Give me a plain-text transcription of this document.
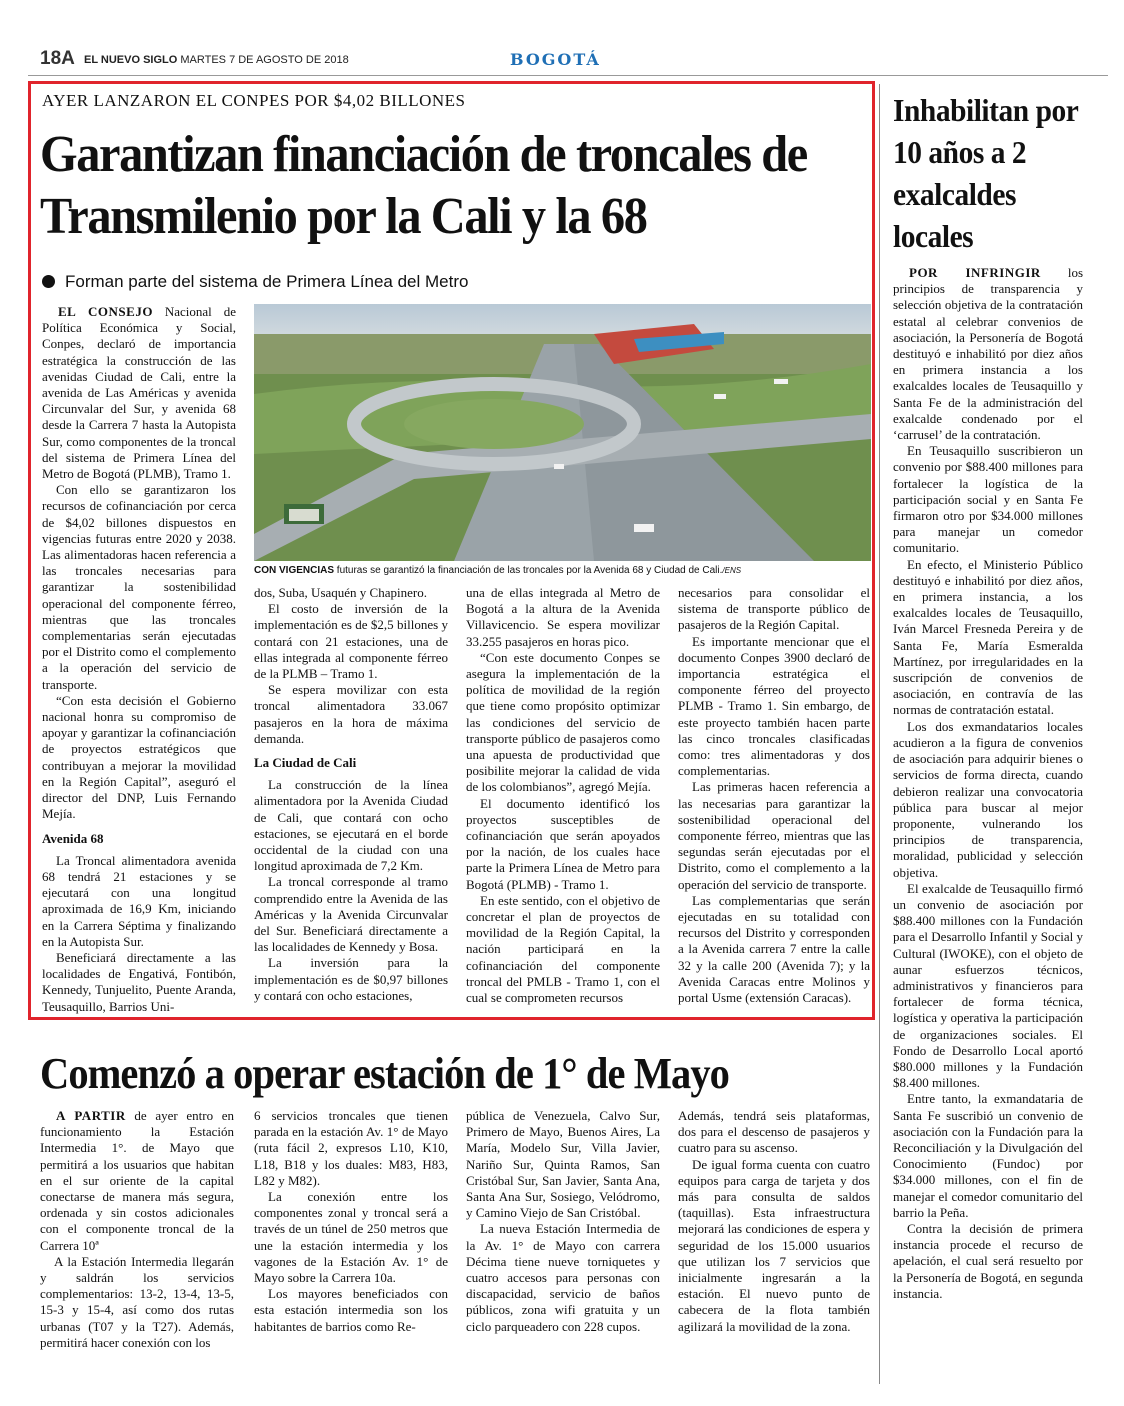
18A EL NUEVO SIGLO MARTES 7 DE AGOSTO DE 2018	BOGOTÁ
AYER LANZARON EL CONPES POR $4,02 BILLONES
Garantizan financiación de troncales de Transmilenio por la Cali y la 68
Forman parte del sistema de Primera Línea del Metro

EL CONSEJO Nacional de Política Económica y Social, Conpes, declaró de importancia estratégica la construcción de las avenidas Ciudad de Cali, entre la avenida de Las Américas y avenida Circunvalar del Sur, y avenida 68 desde la Carrera 7 hasta la Autopista Sur, como componentes de la troncal del sistema de Primera Línea del Metro de Bogotá (PLMB), Tramo 1.

Con ello se garantizaron los recursos de cofinanciación por cerca de $4,02 billones dispuestos en vigencias futuras entre 2020 y 2038. Las alimentadoras hacen referencia a las troncales necesarias para garantizar la sostenibilidad operacional del componente férreo, mientras que las troncales complementarias serán ejecutadas por el Distrito como el complemento a la operación del servicio de transporte.

“Con esta decisión el Gobierno nacional honra su compromiso de apoyar y garantizar la cofinanciación de proyectos estratégicos que contribuyan a mejorar la movilidad en la Región Capital”, aseguró el director del DNP, Luis Fernando Mejía.

Avenida 68

La Troncal alimentadora avenida 68 tendrá 21 estaciones y se ejecutará con una longitud aproximada de 16,9 Km, iniciando en la Carrera Séptima y finalizando en la Autopista Sur.

Beneficiará directamente a las localidades de Engativá, Fontibón, Kennedy, Tunjuelito, Puente Aranda, Teusaquillo, Barrios Uni-

CON VIGENCIAS futuras se garantizó la financiación de las troncales por la Avenida 68 y Ciudad de Cali./ENS

dos, Suba, Usaquén y Chapinero.

El costo de inversión de la implementación es de $2,5 billones y contará con 21 estaciones, una de ellas integrada al componente férreo de la PLMB – Tramo 1.

Se espera movilizar con esta troncal alimentadora 33.067 pasajeros en la hora de máxima demanda.

La Ciudad de Cali

La construcción de la línea alimentadora por la Avenida Ciudad de Cali, que contará con ocho estaciones, se ejecutará en el borde occidental de la ciudad con una longitud aproximada de 7,2 Km.

La troncal corresponde al tramo comprendido entre la Avenida de las Américas y la Avenida Circunvalar del Sur. Beneficiará directamente a las localidades de Kennedy y Bosa.

La inversión para la implementación es de $0,97 billones y contará con ocho estaciones,

una de ellas integrada al Metro de Bogotá a la altura de la Avenida Villavicencio. Se espera movilizar 33.255 pasajeros en horas pico.

“Con este documento Conpes se asegura la implementación de la política de movilidad de la región que tiene como propósito optimizar las condiciones del servicio de transporte público de pasajeros como una apuesta de productividad que posibilite mejorar la calidad de vida de los colombianos”, agregó Mejía.

El documento identificó los proyectos susceptibles de cofinanciación que serán apoyados por la nación, de los cuales hace parte la Primera Línea de Metro para Bogotá (PLMB) - Tramo 1.

En este sentido, con el objetivo de concretar el plan de proyectos de movilidad de la Región Capital, la nación participará en la cofinanciación del componente troncal del PMLB - Tramo 1, con el cual se comprometen recursos

necesarios para consolidar el sistema de transporte público de pasajeros de la Región Capital.

Es importante mencionar que el documento Conpes 3900 declaró de importancia estratégica el componente férreo del proyecto PLMB - Tramo 1. Sin embargo, de este proyecto también hacen parte las cinco troncales clasificadas como: tres alimentadoras y dos complementarias.

Las primeras hacen referencia a las necesarias para garantizar la sostenibilidad operacional del componente férreo, mientras que las segundas serán ejecutadas por el Distrito, como el complemento a la operación del servicio de transporte.

Las complementarias que serán ejecutadas en su totalidad con recursos del Distrito y corresponden a la Avenida carrera 7 entre la calle 32 y la calle 200 (Avenida 7); y la Avenida Caracas entre Molinos y portal Usme (extensión Caracas).

Inhabilitan por 10 años a 2 exalcaldes locales

POR INFRINGIR los principios de transparencia y selección objetiva de la contratación estatal al celebrar convenios de asociación, la Personería de Bogotá destituyó e inhabilitó por diez años en primera instancia a los exalcaldes locales de Teusaquillo y Santa Fe de la administración del exalcalde condenado por el ‘carrusel’ de la contratación.

En Teusaquillo suscribieron un convenio por $88.400 millones para fortalecer la logística de la participación social y en Santa Fe firmaron otro por $34.000 millones para manejar un comedor comunitario.

En efecto, el Ministerio Público destituyó e inhabilitó por diez años, en primera instancia, a los exalcaldes locales de Teusaquillo, Iván Marcel Fresneda Pereira y de Santa Fe, María Esmeralda Martínez, por irregularidades en la suscripción de convenios de asociación, en contravía de las normas de contratación estatal.

Los dos exmandatarios locales acudieron a la figura de convenios de asociación para adquirir bienes o servicios de forma directa, cuando debieron realizar una convocatoria pública para buscar al mejor proponente, vulnerando los principios de transparencia, moralidad, publicidad y selección objetiva.

El exalcalde de Teusaquillo firmó un convenio de asociación por $88.400 millones con la Fundación para el Desarrollo Infantil y Social y Cultural (IWOKE), con el objeto de aunar esfuerzos técnicos, administrativos y financieros para fortalecer de forma técnica, logística y operativa la participación de organizaciones sociales. El Fondo de Desarrollo Local aportó $80.000 millones y la Fundación $8.400 millones.

Entre tanto, la exmandataria de Santa Fe suscribió un convenio de asociación con la Fundación para la Reconciliación y la Divulgación del Conocimiento (Fundoc) por $34.000 millones, con el fin de manejar el comedor comunitario del barrio la Peña.

Contra la decisión de primera instancia procede el recurso de apelación, el cual será resuelto por la Personería de Bogotá, en segunda instancia.

Comenzó a operar estación de 1° de Mayo

A PARTIR de ayer entro en funcionamiento la Estación Intermedia 1°. de Mayo que permitirá a los usuarios que habitan en el sur oriente de la capital conectarse de manera más segura, ordenada y sin costos adicionales con el componente troncal de la Carrera 10ª

A la Estación Intermedia llegarán y saldrán los servicios complementarios: 13-2, 13-4, 13-5, 15-3 y 15-4, así como dos rutas urbanas (T07 y la T27). Además, permitirá hacer conexión con los

6 servicios troncales que tienen parada en la estación Av. 1° de Mayo (ruta fácil 2, expresos L10, K10, L18, B18 y los duales: M83, H83, L82 y M82).

La conexión entre los componentes zonal y troncal será a través de un túnel de 250 metros que une la estación intermedia y los vagones de la Estación Av. 1° de Mayo sobre la Carrera 10a.

Los mayores beneficiados con esta estación intermedia son los habitantes de barrios como Re-

pública de Venezuela, Calvo Sur, Primero de Mayo, Buenos Aires, La María, Modelo Sur, Villa Javier, Nariño Sur, Quinta Ramos, San Cristóbal Sur, San Javier, Santa Ana, Santa Ana Sur, Sosiego, Velódromo, y Camino Viejo de San Cristóbal.

La nueva Estación Intermedia de la Av. 1° de Mayo con carrera Décima tiene nueve torniquetes y cuatro accesos para personas con discapacidad, servicio de baños públicos, zona wifi gratuita y un ciclo parqueadero con 228 cupos.

Además, tendrá seis plataformas, dos para el descenso de pasajeros y cuatro para su ascenso.

De igual forma cuenta con cuatro equipos para carga de tarjeta y dos más para consulta de saldos (taquillas). Esta infraestructura mejorará las condiciones de espera y seguridad de los 15.000 usuarios que utilizan los 7 servicios que inicialmente ingresarán a la estación. El nuevo punto de cabecera de la flota también agilizará la movilidad de la zona.
